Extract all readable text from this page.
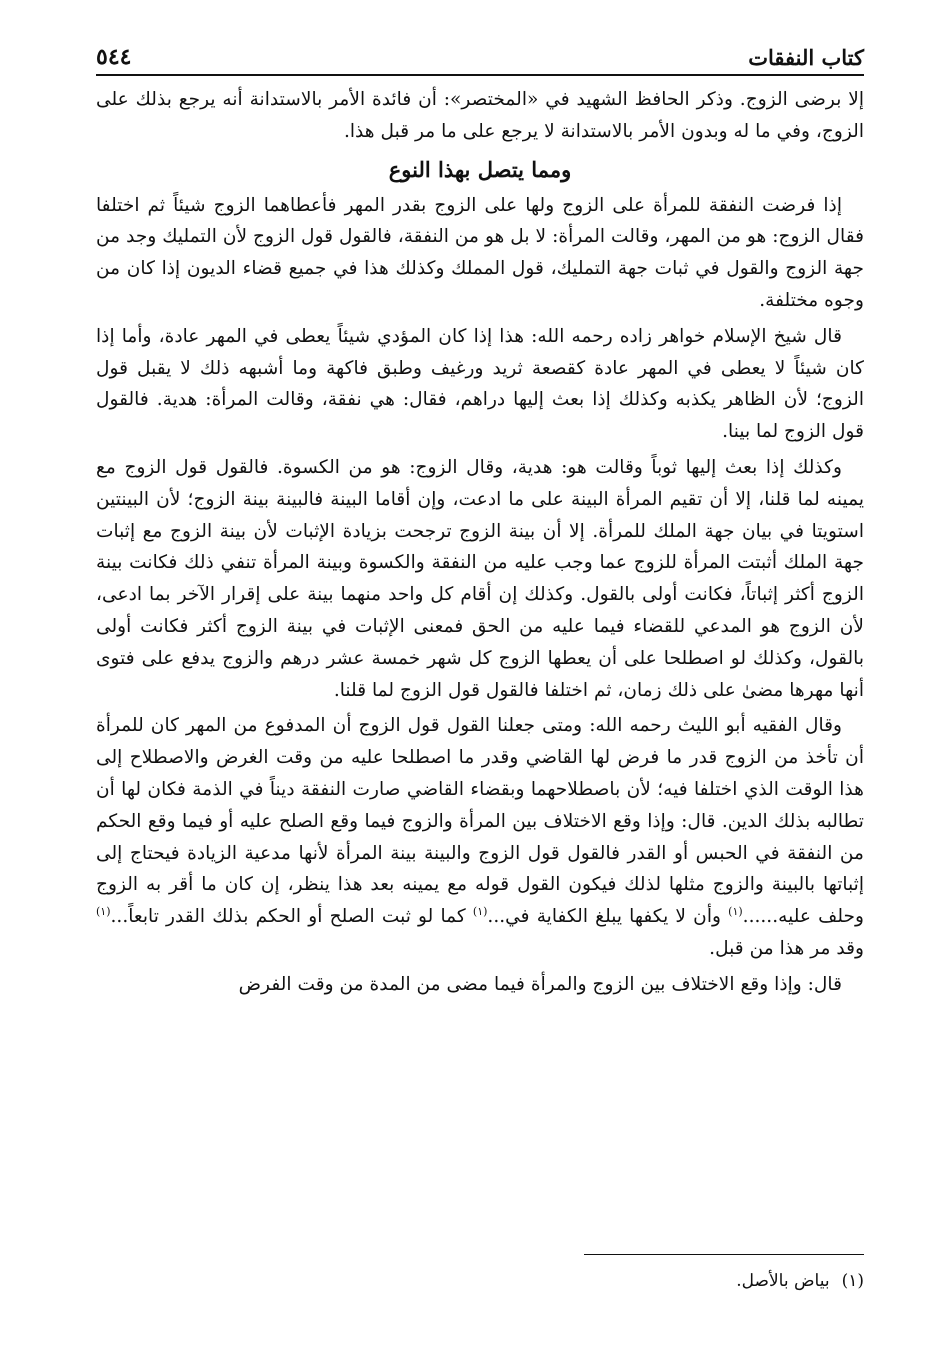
كتاب النفقات
٥٤٤

إلا برضى الزوج. وذكر الحافظ الشهيد في «المختصر»: أن فائدة الأمر بالاستدانة أنه يرجع بذلك على الزوج، وفي ما له وبدون الأمر بالاستدانة لا يرجع على ما مر قبل هذا.

ومما يتصل بهذا النوع

إذا فرضت النفقة للمرأة على الزوج ولها على الزوج بقدر المهر فأعطاهما الزوج شيئاً ثم اختلفا فقال الزوج: هو من المهر، وقالت المرأة: لا بل هو من النفقة، فالقول قول الزوج لأن التمليك وجد من جهة الزوج والقول في ثبات جهة التمليك، قول المملك وكذلك هذا في جميع قضاء الديون إذا كان من وجوه مختلفة.

قال شيخ الإسلام خواهر زاده رحمه الله: هذا إذا كان المؤدي شيئاً يعطى في المهر عادة، وأما إذا كان شيئاً لا يعطى في المهر عادة كقصعة ثريد ورغيف وطبق فاكهة وما أشبهه ذلك لا يقبل قول الزوج؛ لأن الظاهر يكذبه وكذلك إذا بعث إليها دراهم، فقال: هي نفقة، وقالت المرأة: هدية. فالقول قول الزوج لما بينا.

وكذلك إذا بعث إليها ثوباً وقالت هو: هدية، وقال الزوج: هو من الكسوة. فالقول قول الزوج مع يمينه لما قلنا، إلا أن تقيم المرأة البينة على ما ادعت، وإن أقاما البينة فالبينة بينة الزوج؛ لأن البينتين استويتا في بيان جهة الملك للمرأة. إلا أن بينة الزوج ترجحت بزيادة الإثبات لأن بينة الزوج مع إثبات جهة الملك أثبتت المرأة للزوج عما وجب عليه من النفقة والكسوة وبينة المرأة تنفي ذلك فكانت بينة الزوج أكثر إثباتاً، فكانت أولى بالقول. وكذلك إن أقام كل واحد منهما بينة على إقرار الآخر بما ادعى، لأن الزوج هو المدعي للقضاء فيما عليه من الحق فمعنى الإثبات في بينة الزوج أكثر فكانت أولى بالقول، وكذلك لو اصطلحا على أن يعطها الزوج كل شهر خمسة عشر درهم والزوج يدفع على فتوى أنها مهرها مضىٰ على ذلك زمان، ثم اختلفا فالقول قول الزوج لما قلنا.

وقال الفقيه أبو الليث رحمه الله: ومتى جعلنا القول قول الزوج أن المدفوع من المهر كان للمرأة أن تأخذ من الزوج قدر ما فرض لها القاضي وقدر ما اصطلحا عليه من وقت الغرض والاصطلاح إلى هذا الوقت الذي اختلفا فيه؛ لأن باصطلاحهما وبقضاء القاضي صارت النفقة ديناً في الذمة فكان لها أن تطالبه بذلك الدين. قال: وإذا وقع الاختلاف بين المرأة والزوج فيما وقع الصلح عليه أو فيما وقع الحكم من النفقة في الحبس أو القدر فالقول قول الزوج والبينة بينة المرأة لأنها مدعية الزيادة فيحتاج إلى إثباتها بالبينة والزوج مثلها لذلك فيكون القول قوله مع يمينه بعد هذا ينظر، إن كان ما أقر به الزوج وحلف عليه......$^{(١)}$ وأن لا يكفها يبلغ الكفاية في...$^{(١)}$ كما لو ثبت الصلح أو الحكم بذلك القدر تابعاً...$^{(١)}$ وقد مر هذا من قبل.

قال: وإذا وقع الاختلاف بين الزوج والمرأة فيما مضى من المدة من وقت الفرض

(١)بياض بالأصل.
